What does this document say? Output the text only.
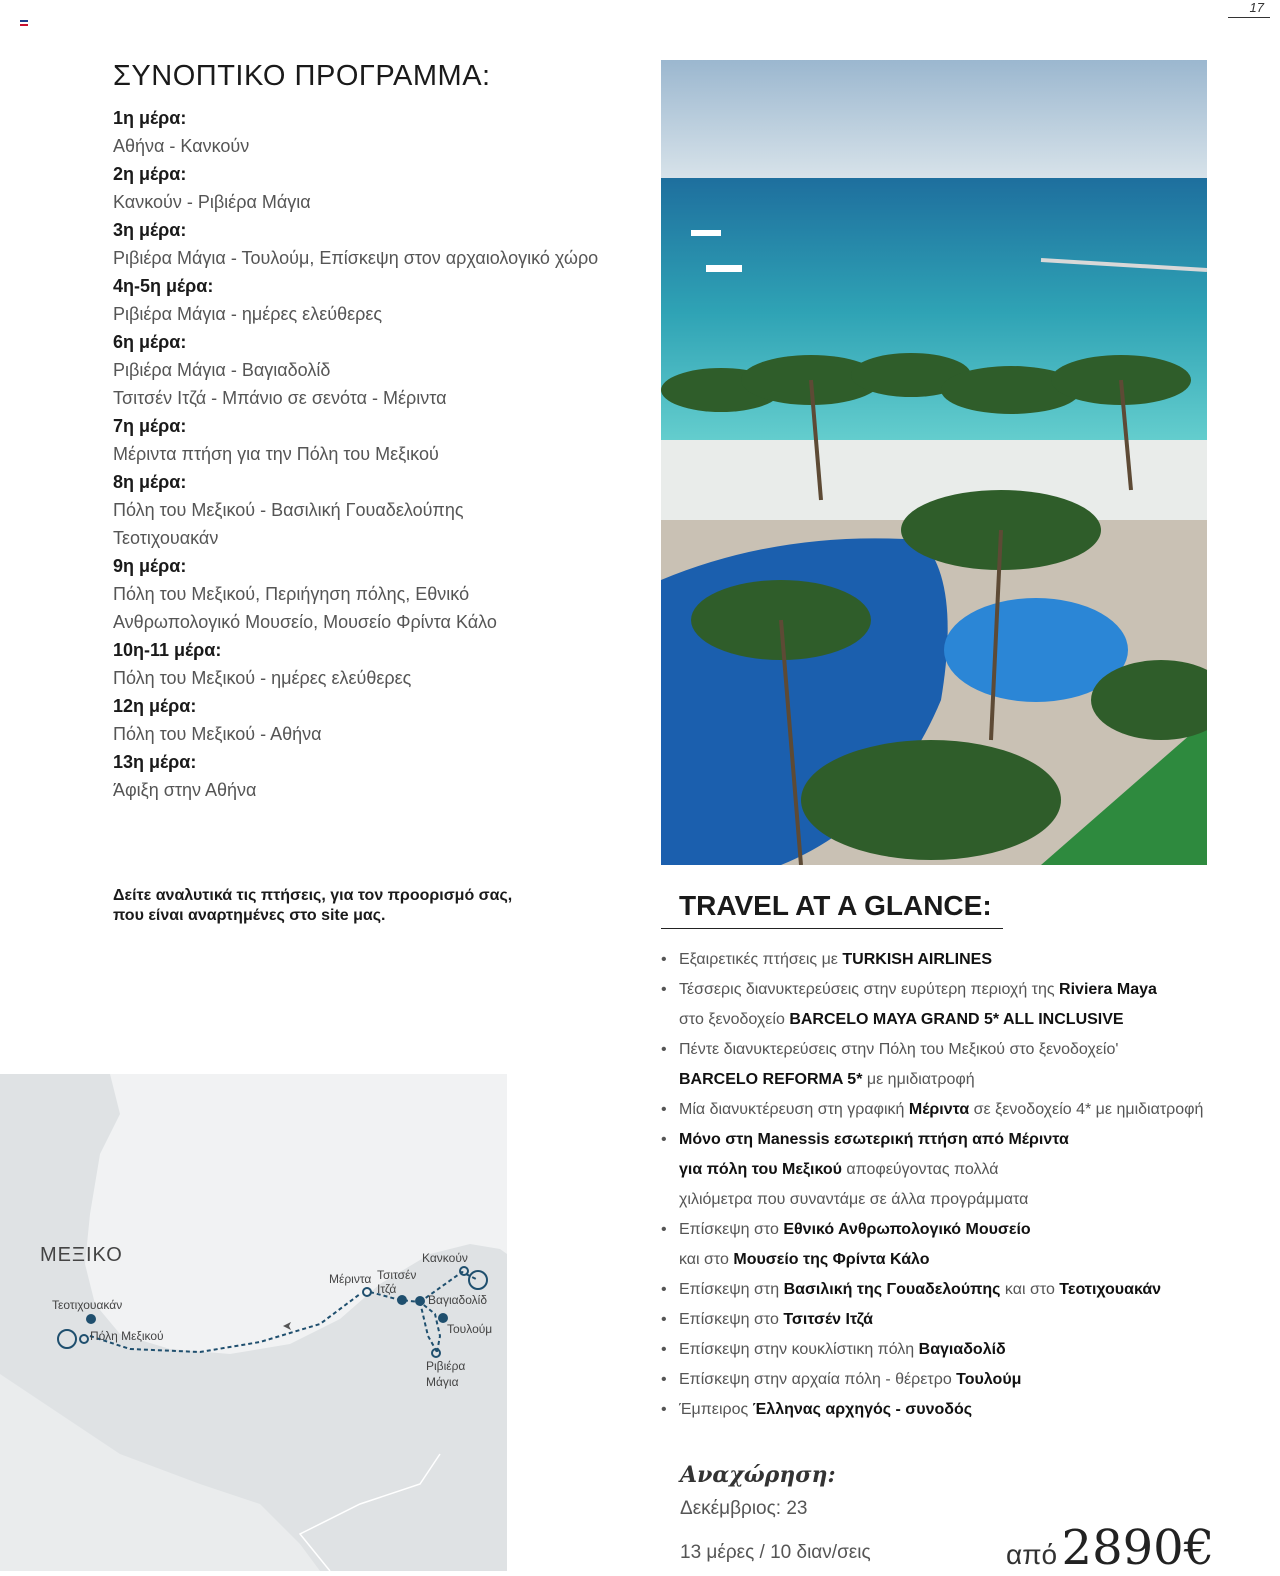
17
ΣΥΝΟΠΤΙΚΟ ΠΡΟΓΡΑΜΜΑ:
1η μέρα:
Αθήνα - Κανκούν
2η μέρα:
Κανκούν - Ριβιέρα Μάγια
3η μέρα:
Ριβιέρα Μάγια - Τουλούμ, Επίσκεψη στον αρχαιολογικό χώρο
4η-5η μέρα:
Ριβιέρα Μάγια - ημέρες ελεύθερες
6η μέρα:
Ριβιέρα Μάγια - Βαγιαδολίδ
Τσιτσέν Ιτζά - Μπάνιο σε σενότα - Μέριντα
7η μέρα:
Μέριντα πτήση για την Πόλη του Μεξικού
8η μέρα:
Πόλη του Μεξικού - Βασιλική Γουαδελούπης
Τεοτιχουακάν
9η μέρα:
Πόλη του Μεξικού, Περιήγηση πόλης, Εθνικό
Ανθρωπολογικό Μουσείο, Μουσείο Φρίντα Κάλο
10η-11 μέρα:
Πόλη του Μεξικού - ημέρες ελεύθερες
12η μέρα:
Πόλη του Μεξικού - Αθήνα
13η μέρα:
Άφιξη στην Αθήνα
Δείτε αναλυτικά τις πτήσεις, για τον προορισμό σας,
που είναι αναρτημένες στο site μας.	TRAVEL AT A GLANCE:
• Εξαιρετικές πτήσεις με TURKISH AIRLINES
• Τέσσερις διανυκτερεύσεις στην ευρύτερη περιοχή της Riviera Maya
στο ξενοδοχείο BARCELO MAYA GRAND 5* ALL INCLUSIVE
• Πέντε διανυκτερεύσεις στην Πόλη του Μεξικού στο ξενοδοχείο'
BARCELO REFORMA 5* με ημιδιατροφή
• Μία διανυκτέρευση στη γραφική Μέριντα σε ξενοδοχείο 4* με ημιδιατροφή
• Μόνο στη Manessis εσωτερική πτήση από Μέριντα
για πόλη του Μεξικού αποφεύγοντας πολλά
χιλιόμετρα που συναντάμε σε άλλα προγράμματα
• Επίσκεψη στο Εθνικό Ανθρωπολογικό Μουσείο
και στο Μουσείο της Φρίντα Κάλο
• Επίσκεψη στη Βασιλική της Γουαδελούπης και στο Τεοτιχουακάν
• Επίσκεψη στο Τσιτσέν Ιτζά
• Επίσκεψη στην κουκλίστικη πόλη Βαγιαδολίδ
• Επίσκεψη στην αρχαία πόλη - θέρετρο Τουλούμ
• Έμπειρος Έλληνας αρχηγός - συνοδός
Αναχώρηση:
Δεκέμβριος: 23
13 μέρες / 10 διαν/σεις	από 2890€
ΜΕΞΙΚΟ
Τεοτιχουακάν
Πόλη Μεξικού
Μέριντα Τσιτσέν Ιτζά
Κανκούν
Βαγιαδολίδ
Τουλούμ
Ριβιέρα Μάγια
